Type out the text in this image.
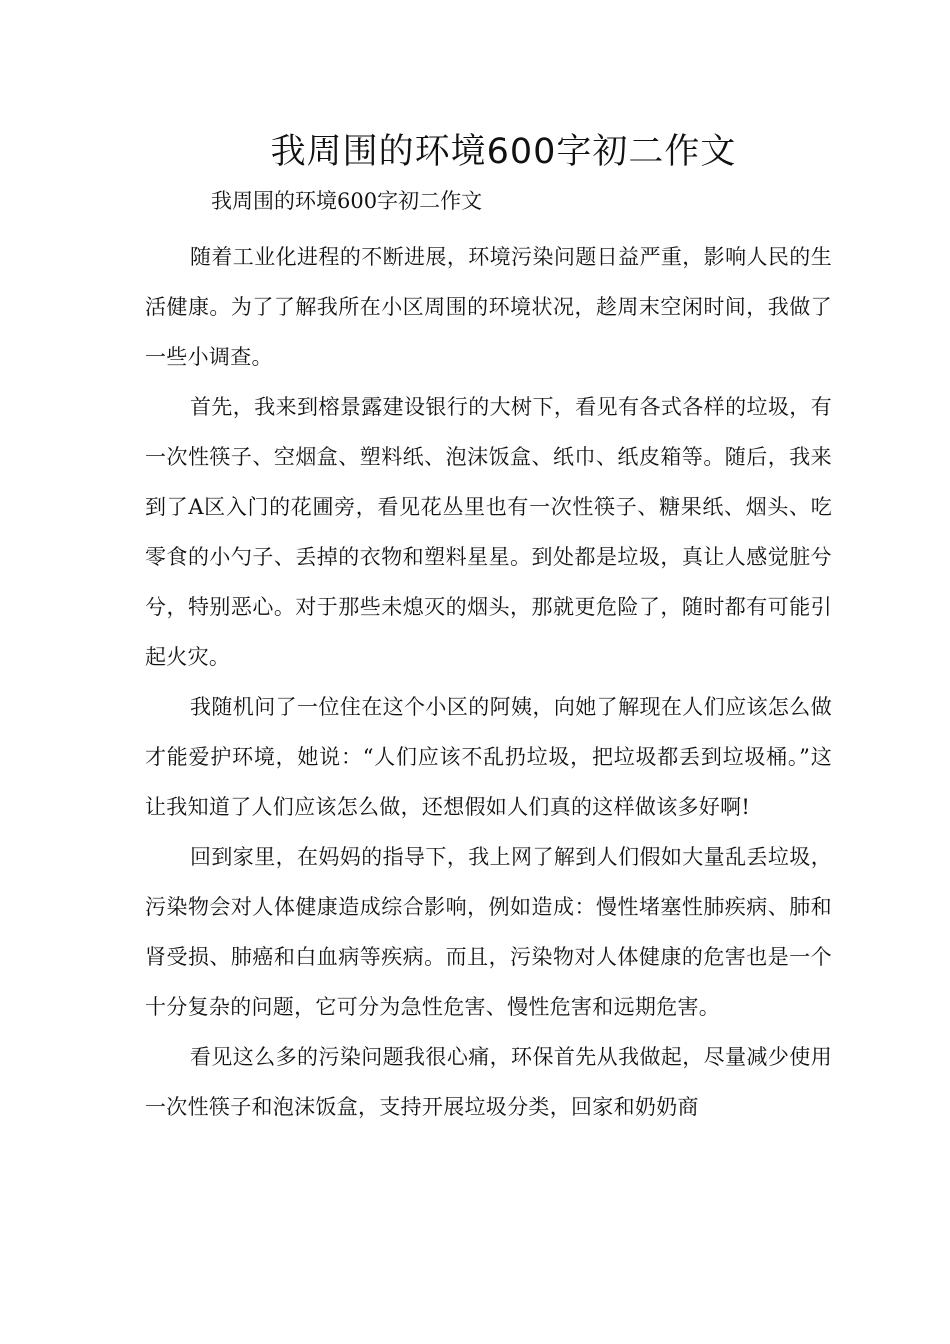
我周围的环境600字初二作文
我周围的环境600字初二作文

随着工业化进程的不断进展，环境污染问题日益严重，影响人民的生活健康。为了了解我所在小区周围的环境状况，趁周末空闲时间，我做了一些小调查。

首先，我来到榕景露建设银行的大树下，看见有各式各样的垃圾，有一次性筷子、空烟盒、塑料纸、泡沫饭盒、纸巾、纸皮箱等。随后，我来到了A区入门的花圃旁，看见花丛里也有一次性筷子、糖果纸、烟头、吃零食的小勺子、丢掉的衣物和塑料星星。到处都是垃圾，真让人感觉脏兮兮，特别恶心。对于那些未熄灭的烟头，那就更危险了，随时都有可能引起火灾。

我随机问了一位住在这个小区的阿姨，向她了解现在人们应该怎么做才能爱护环境，她说：“人们应该不乱扔垃圾，把垃圾都丢到垃圾桶。”这让我知道了人们应该怎么做，还想假如人们真的这样做该多好啊!

回到家里，在妈妈的指导下，我上网了解到人们假如大量乱丢垃圾，污染物会对人体健康造成综合影响，例如造成：慢性堵塞性肺疾病、肺和肾受损、肺癌和白血病等疾病。而且，污染物对人体健康的危害也是一个十分复杂的问题，它可分为急性危害、慢性危害和远期危害。

看见这么多的污染问题我很心痛，环保首先从我做起，尽量减少使用一次性筷子和泡沫饭盒，支持开展垃圾分类，回家和奶奶商
